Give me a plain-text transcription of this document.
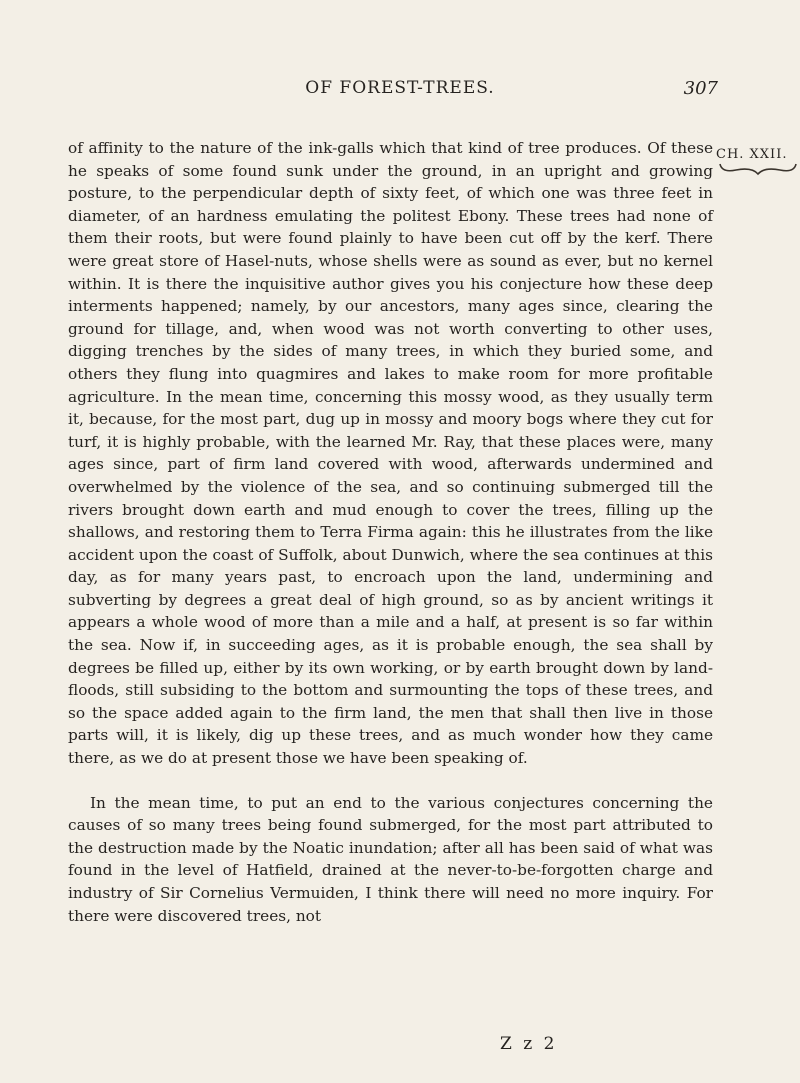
OF FOREST-TREES.	307
CH. XXII.

of affinity to the nature of the ink-galls which that kind of tree produces. Of these he speaks of some found sunk under the ground, in an upright and growing posture, to the perpendicular depth of sixty feet, of which one was three feet in diameter, of an hardness emulating the politest Ebony. These trees had none of them their roots, but were found plainly to have been cut off by the kerf. There were great store of Hasel-nuts, whose shells were as sound as ever, but no kernel within. It is there the inquisitive author gives you his conjecture how these deep interments happened; namely, by our ancestors, many ages since, clearing the ground for tillage, and, when wood was not worth converting to other uses, digging trenches by the sides of many trees, in which they buried some, and others they flung into quagmires and lakes to make room for more profitable agriculture. In the mean time, concerning this mossy wood, as they usually term it, because, for the most part, dug up in mossy and moory bogs where they cut for turf, it is highly probable, with the learned Mr. Ray, that these places were, many ages since, part of firm land covered with wood, afterwards undermined and overwhelmed by the violence of the sea, and so continuing submerged till the rivers brought down earth and mud enough to cover the trees, filling up the shallows, and restoring them to Terra Firma again: this he illustrates from the like accident upon the coast of Suffolk, about Dunwich, where the sea continues at this day, as for many years past, to encroach upon the land, undermining and subverting by degrees a great deal of high ground, so as by ancient writings it appears a whole wood of more than a mile and a half, at present is so far within the sea. Now if, in succeeding ages, as it is probable enough, the sea shall by degrees be filled up, either by its own working, or by earth brought down by land-floods, still subsiding to the bottom and surmounting the tops of these trees, and so the space added again to the firm land, the men that shall then live in those parts will, it is likely, dig up these trees, and as much wonder how they came there, as we do at present those we have been speaking of.

In the mean time, to put an end to the various conjectures concerning the causes of so many trees being found submerged, for the most part attributed to the destruction made by the Noatic inundation; after all has been said of what was found in the level of Hatfield, drained at the never-to-be-forgotten charge and industry of Sir Cornelius Vermuiden, I think there will need no more inquiry. For there were discovered trees, not

Z z 2
